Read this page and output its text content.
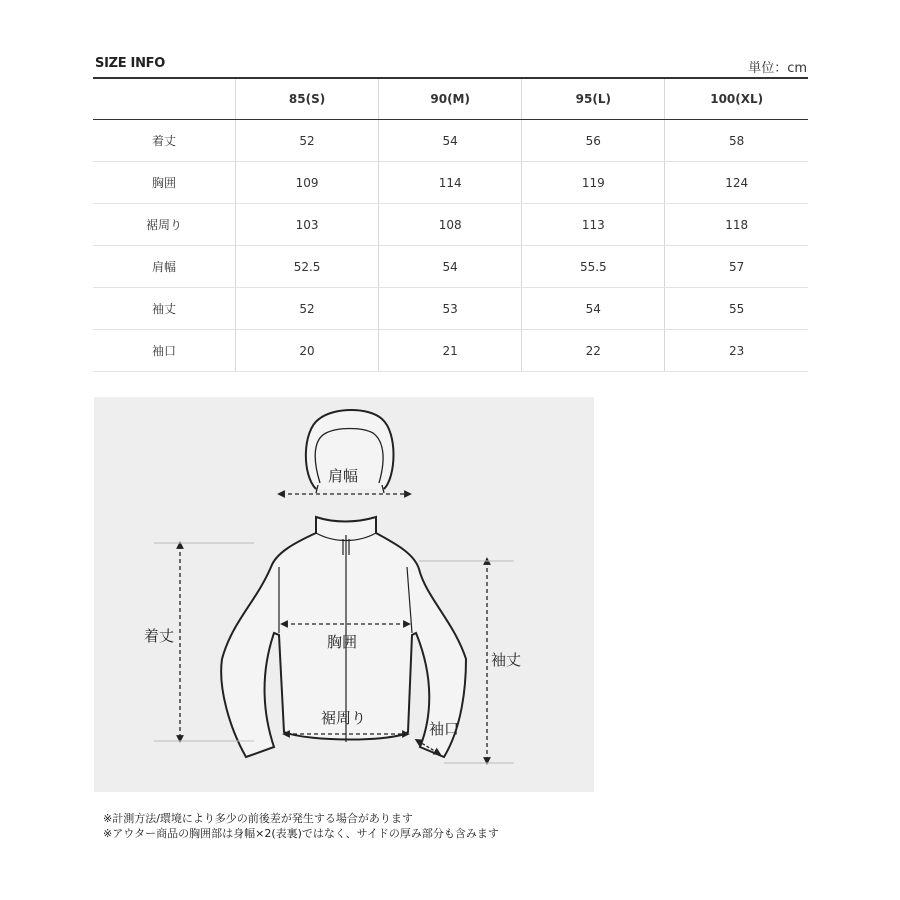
SIZE INFO	単位：cm
	85(S)	90(M)	95(L)	100(XL)
着丈	52	54	56	58
胸囲	109	114	119	124
裾周り	103	108	113	118
肩幅	52.5	54	55.5	57
袖丈	52	53	54	55
袖口	20	21	22	23
肩幅
胸囲
着丈
袖丈
裾周り
袖口
※計測方法/環境により多少の前後差が発生する場合があります
※アウター商品の胸囲部は身幅×2(表裏)ではなく、サイドの厚み部分も含みます
